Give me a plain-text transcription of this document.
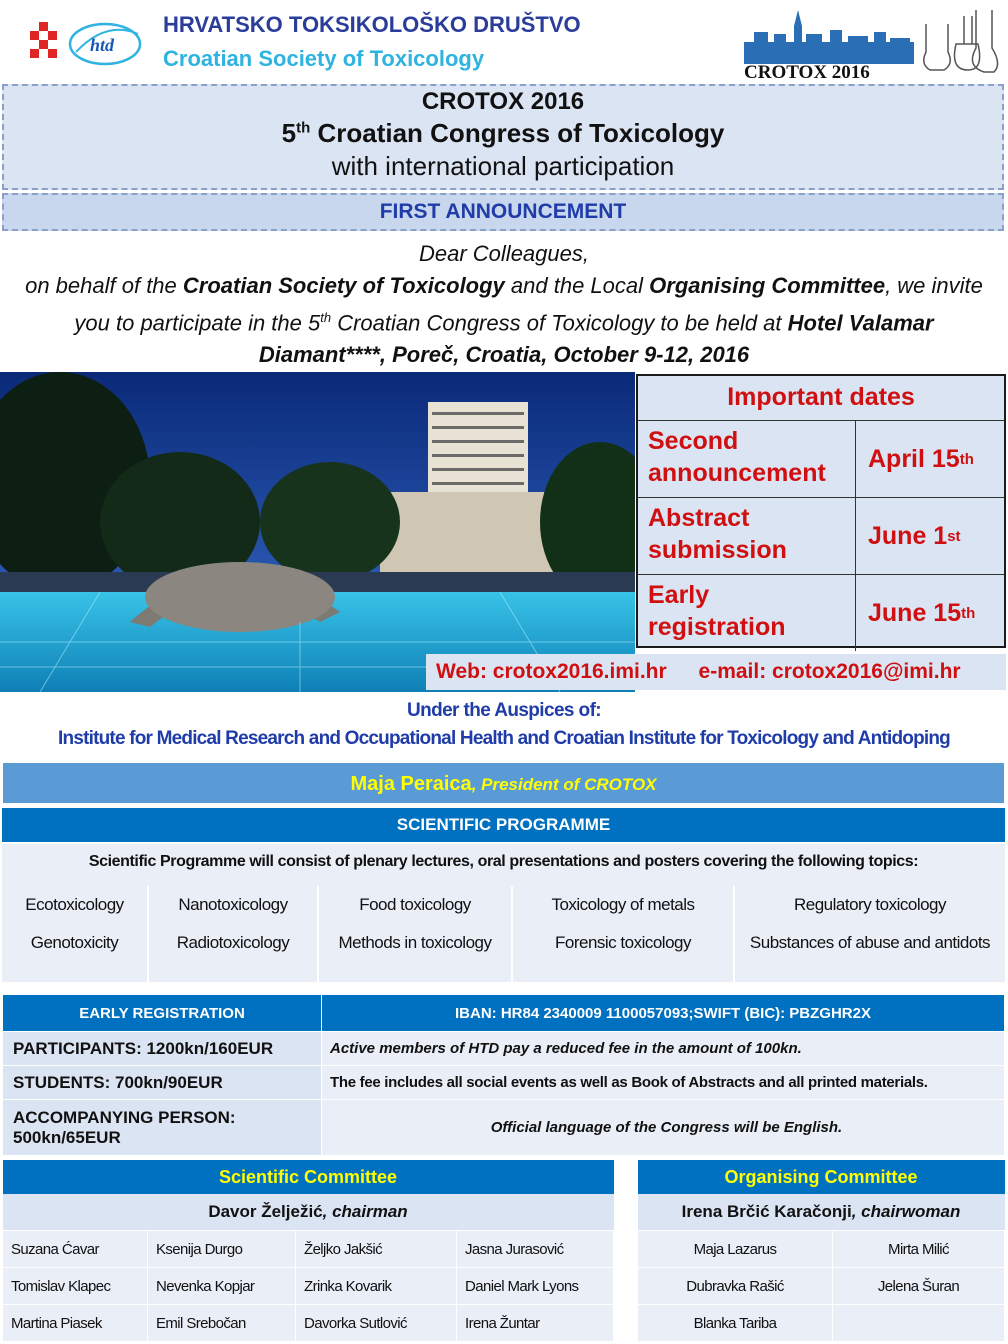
htd
HRVATSKO TOKSIKOLOŠKO DRUŠTVO
Croatian Society of Toxicology
CROTOX 2016
CROTOX 2016
5th Croatian Congress of Toxicology
with international participation
FIRST ANNOUNCEMENT
Dear Colleagues,
on behalf of the Croatian Society of Toxicology and the Local Organising Committee, we invite you to participate in the 5th Croatian Congress of Toxicology to be held at Hotel Valamar Diamant****, Poreč, Croatia, October 9-12, 2016
Important dates
Second announcement
April 15 th
Abstract submission
June 1 st
Early registration
June 15 th
Web: crotox2016.imi.hr e-mail: crotox2016@imi.hr
Under the Auspices of:
Institute for Medical Research and Occupational Health and Croatian Institute for Toxicology and Antidoping
Maja Peraica, President of CROTOX
SCIENTIFIC PROGRAMME
Scientific Programme will consist of plenary lectures, oral presentations and posters covering the following topics:
Ecotoxicology	Nanotoxicology	Food toxicology	Toxicology of metals	Regulatory toxicology
Genotoxicity	Radiotoxicology	Methods in toxicology	Forensic toxicology	Substances of abuse and antidots

EARLY REGISTRATION	IBAN: HR84 2340009 1100057093;SWIFT (BIC): PBZGHR2X
PARTICIPANTS: 1200kn/160EUR	Active members of HTD pay a reduced fee in the amount of 100kn.
STUDENTS: 700kn/90EUR	The fee includes all social events as well as Book of Abstracts and all printed materials.
ACCOMPANYING PERSON: 500kn/65EUR	Official language of the Congress will be English.
Scientific Committee			
Davor Želježić, chairman			
Suzana Ćavar	Ksenija Durgo	Željko Jakšić	Jasna Jurasović
Tomislav Klapec	Nevenka Kopjar	Zrinka Kovarik	Daniel Mark Lyons
Martina Piasek	Emil Srebočan	Davorka Sutlović	Irena Žuntar
Organising Committee	
Irena Brčić Karačonji, chairwoman	
Maja Lazarus	Mirta Milić
Dubravka Rašić	Jelena Šuran
Blanka Tariba	
